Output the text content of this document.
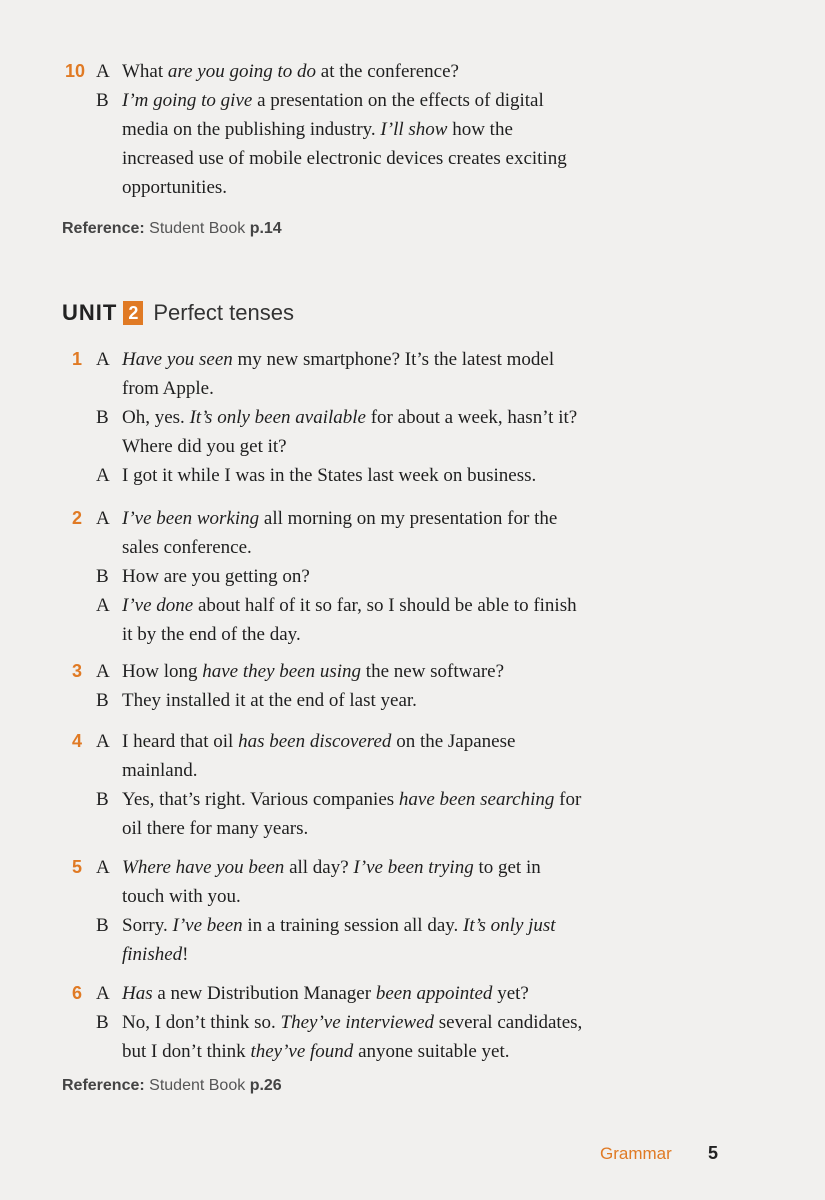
10 A What are you going to do at the conference?
B I’m going to give a presentation on the effects of digital
media on the publishing industry. I’ll show how the
increased use of mobile electronic devices creates exciting
opportunities.
Reference: Student Book p.14
UNIT 2 Perfect tenses
1 A Have you seen my new smartphone? It’s the latest model
from Apple.
B Oh, yes. It’s only been available for about a week, hasn’t it?
Where did you get it?
A I got it while I was in the States last week on business.
2 A I’ve been working all morning on my presentation for the
sales conference.
B How are you getting on?
A I’ve done about half of it so far, so I should be able to finish
it by the end of the day.
3 A How long have they been using the new software?
B They installed it at the end of last year.
4 A I heard that oil has been discovered on the Japanese
mainland.
B Yes, that’s right. Various companies have been searching for
oil there for many years.
5 A Where have you been all day? I’ve been trying to get in
touch with you.
B Sorry. I’ve been in a training session all day. It’s only just
finished!
6 A Has a new Distribution Manager been appointed yet?
B No, I don’t think so. They’ve interviewed several candidates,
but I don’t think they’ve found anyone suitable yet.
Reference: Student Book p.26
Grammar 5
